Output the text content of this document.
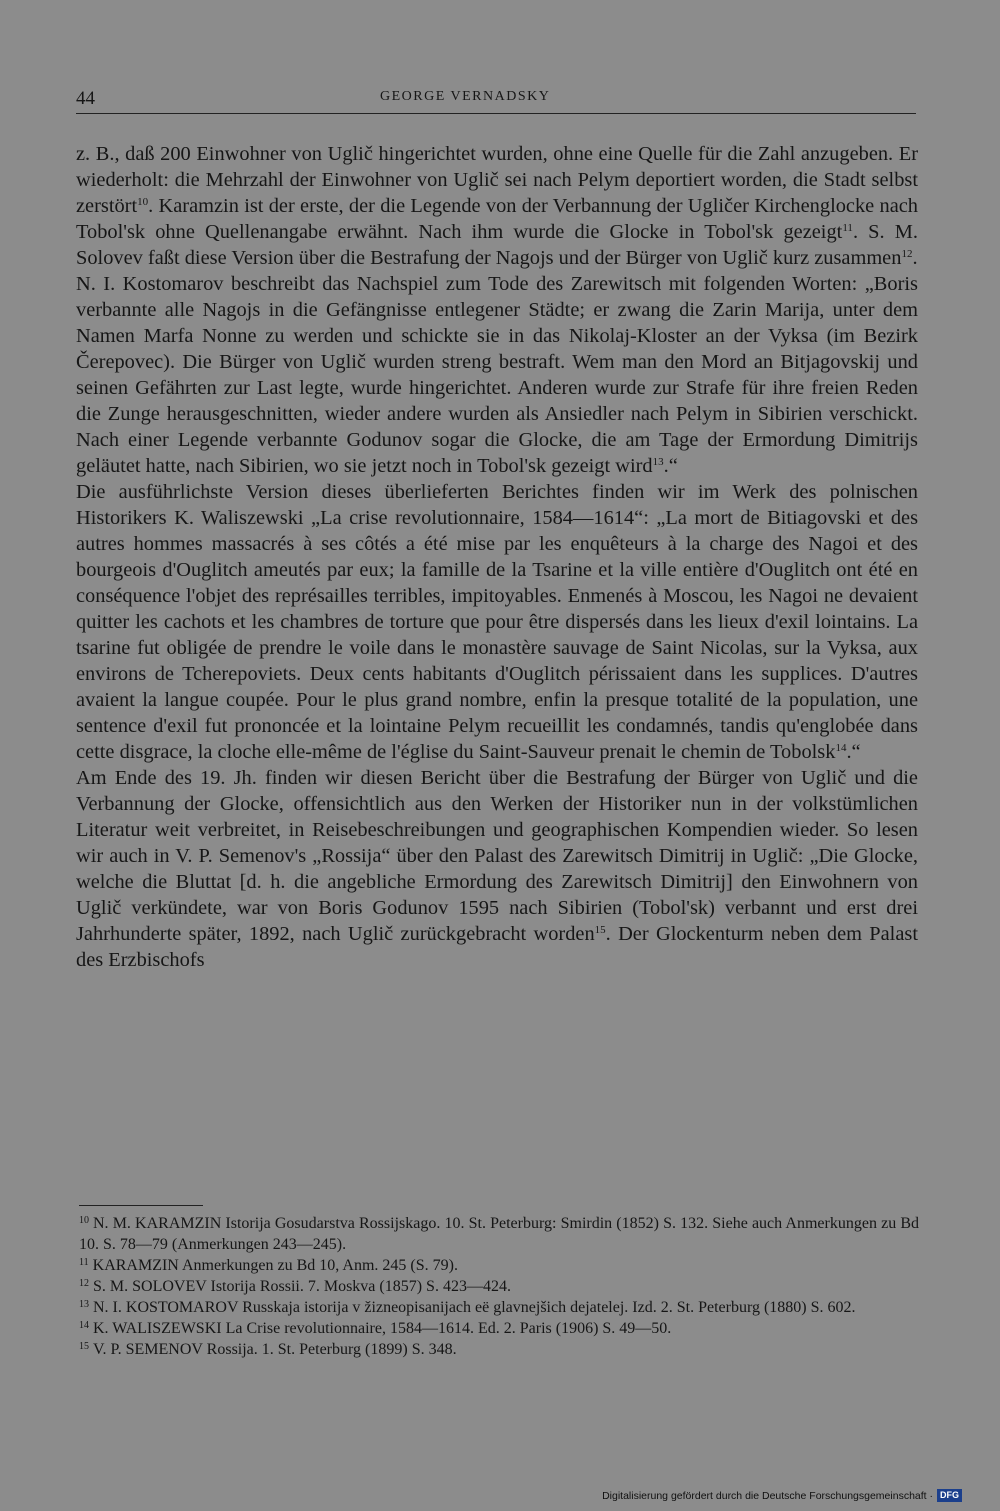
44	GEORGE VERNADSKY

z. B., daß 200 Einwohner von Uglič hingerichtet wurden, ohne eine Quelle für die Zahl anzugeben. Er wiederholt: die Mehrzahl der Einwohner von Uglič sei nach Pelym deportiert worden, die Stadt selbst zerstört$^{10}$. Karamzin ist der erste, der die Legende von der Verbannung der Ugličer Kirchenglocke nach Tobol'sk ohne Quellenangabe erwähnt. Nach ihm wurde die Glocke in Tobol'sk gezeigt$^{11}$. S. M. Solovev faßt diese Version über die Bestrafung der Nagojs und der Bürger von Uglič kurz zusammen$^{12}$.

N. I. Kostomarov beschreibt das Nachspiel zum Tode des Zarewitsch mit folgenden Worten: „Boris verbannte alle Nagojs in die Gefängnisse entlegener Städte; er zwang die Zarin Marija, unter dem Namen Marfa Nonne zu werden und schickte sie in das Nikolaj-Kloster an der Vyksa (im Bezirk Čerepovec). Die Bürger von Uglič wurden streng bestraft. Wem man den Mord an Bitjagovskij und seinen Gefährten zur Last legte, wurde hingerichtet. Anderen wurde zur Strafe für ihre freien Reden die Zunge herausgeschnitten, wieder andere wurden als Ansiedler nach Pelym in Sibirien verschickt. Nach einer Legende verbannte Godunov sogar die Glocke, die am Tage der Ermordung Dimitrijs geläutet hatte, nach Sibirien, wo sie jetzt noch in Tobol'sk gezeigt wird$^{13}$.“

Die ausführlichste Version dieses überlieferten Berichtes finden wir im Werk des polnischen Historikers K. Waliszewski „La crise revolutionnaire, 1584—1614“: „La mort de Bitiagovski et des autres hommes massacrés à ses côtés a été mise par les enquêteurs à la charge des Nagoi et des bourgeois d'Ouglitch ameutés par eux; la famille de la Tsarine et la ville entière d'Ouglitch ont été en conséquence l'objet des représailles terribles, impitoyables. Enmenés à Moscou, les Nagoi ne devaient quitter les cachots et les chambres de torture que pour être dispersés dans les lieux d'exil lointains. La tsarine fut obligée de prendre le voile dans le monastère sauvage de Saint Nicolas, sur la Vyksa, aux environs de Tcherepoviets. Deux cents habitants d'Ouglitch périssaient dans les supplices. D'autres avaient la langue coupée. Pour le plus grand nombre, enfin la presque totalité de la population, une sentence d'exil fut prononcée et la lointaine Pelym recueillit les condamnés, tandis qu'englobée dans cette disgrace, la cloche elle-même de l'église du Saint-Sauveur prenait le chemin de Tobolsk$^{14}$.“

Am Ende des 19. Jh. finden wir diesen Bericht über die Bestrafung der Bürger von Uglič und die Verbannung der Glocke, offensichtlich aus den Werken der Historiker nun in der volkstümlichen Literatur weit verbreitet, in Reisebeschreibungen und geographischen Kompendien wieder. So lesen wir auch in V. P. Semenov's „Rossija“ über den Palast des Zarewitsch Dimitrij in Uglič: „Die Glocke, welche die Bluttat [d. h. die angebliche Ermordung des Zarewitsch Dimitrij] den Einwohnern von Uglič verkündete, war von Boris Godunov 1595 nach Sibirien (Tobol'sk) verbannt und erst drei Jahrhunderte später, 1892, nach Uglič zurückgebracht worden$^{15}$. Der Glockenturm neben dem Palast des Erzbischofs

$^{10}$ N. M. KARAMZIN Istorija Gosudarstva Rossijskago. 10. St. Peterburg: Smirdin (1852) S. 132. Siehe auch Anmerkungen zu Bd 10. S. 78—79 (Anmerkungen 243—245).

$^{11}$ KARAMZIN Anmerkungen zu Bd 10, Anm. 245 (S. 79).

$^{12}$ S. M. SOLOVEV Istorija Rossii. 7. Moskva (1857) S. 423—424.

$^{13}$ N. I. KOSTOMAROV Russkaja istorija v žizneopisanijach eë glavnejšich dejatelej. Izd. 2. St. Peterburg (1880) S. 602.

$^{14}$ K. WALISZEWSKI La Crise revolutionnaire, 1584—1614. Ed. 2. Paris (1906) S. 49—50.

$^{15}$ V. P. SEMENOV Rossija. 1. St. Peterburg (1899) S. 348.

Digitalisierung gefördert durch die Deutsche Forschungsgemeinschaft · DFG
